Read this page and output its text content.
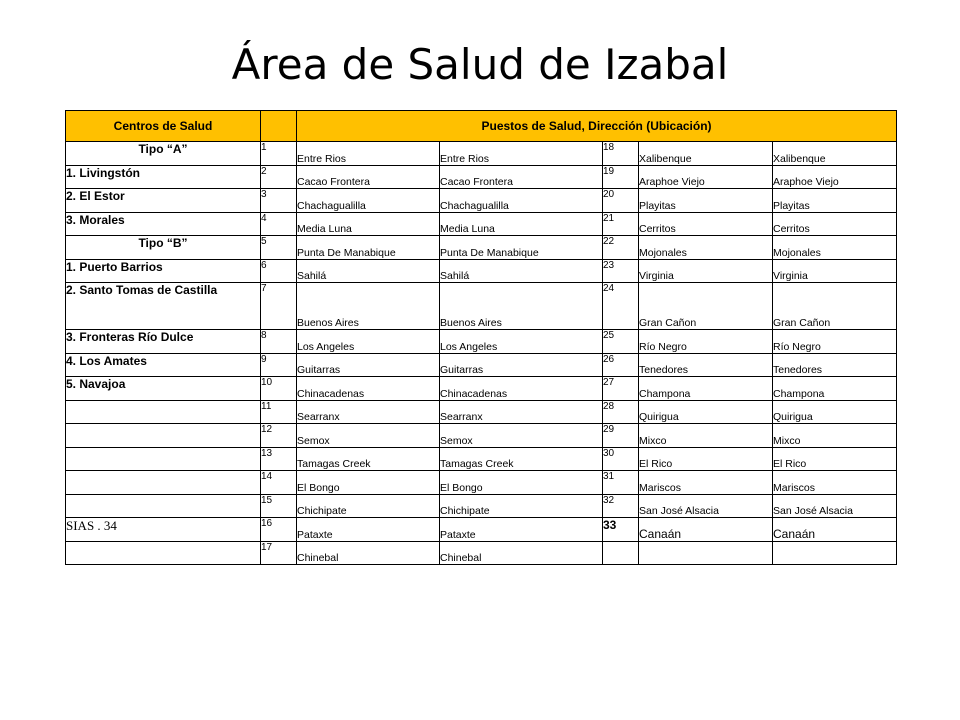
Área de Salud de Izabal
Centros de Salud		Puestos de Salud, Dirección (Ubicación)				
Tipo “A”	1	Entre Rios	Entre Rios	18	Xalibenque	Xalibenque
1. Livingstón	2	Cacao Frontera	Cacao Frontera	19	Araphoe Viejo	Araphoe Viejo
2. El Estor	3	Chachagualilla	Chachagualilla	20	Playitas	Playitas
3. Morales	4	Media Luna	Media Luna	21	Cerritos	Cerritos
Tipo “B”	5	Punta De Manabique	Punta De Manabique	22	Mojonales	Mojonales
1. Puerto Barrios	6	Sahilá	Sahilá	23	Virginia	Virginia
2. Santo Tomas de Castilla	7	Buenos Aires	Buenos Aires	24	Gran Cañon	Gran Cañon
3. Fronteras Río Dulce	8	Los Angeles	Los Angeles	25	Río Negro	Río Negro
4. Los Amates	9	Guitarras	Guitarras	26	Tenedores	Tenedores
5. Navajoa	10	Chinacadenas	Chinacadenas	27	Champona	Champona
	11	Searranx	Searranx	28	Quiriguа	Quiriguа
	12	Semox	Semox	29	Mixco	Mixco
	13	Tamagas Creek	Tamagas Creek	30	El Rico	El Rico
	14	El Bongo	El Bongo	31	Mariscos	Mariscos
	15	Chichipate	Chichipate	32	San José Alsacia	San José Alsacia
SIAS . 34	16	Pataxte	Pataxte	33	Canaán	Canaán
	17	Chinebal	Chinebal			
